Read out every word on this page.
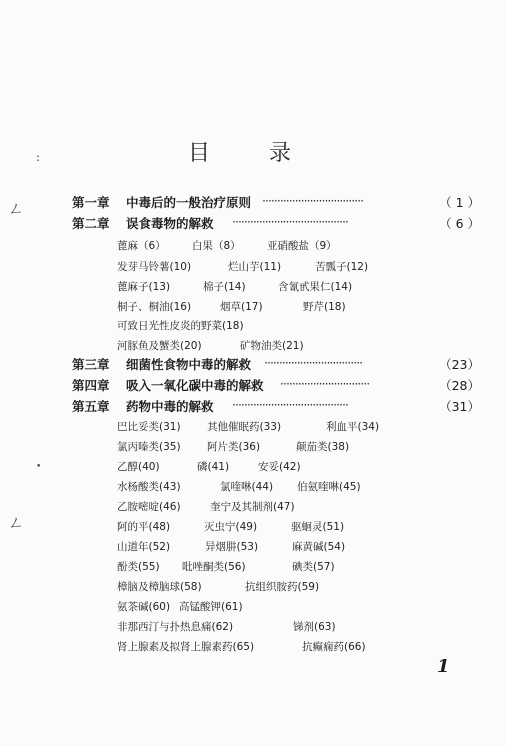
:
ㄥ
•
ㄥ
目 录
第一章 中毒后的一般治疗原则 ··································	（ 1 ）
第二章 误食毒物的解救 ·······································	（ 6 ）
蓖麻（6）	白果（8）	亚硝酸盐（9）
发芽马铃薯(10)	烂山芋(11)	苦瓢子(12)
蓖麻子(13)	棉子(14)	含氰甙果仁(14)
桐子、桐油(16)	烟草(17)	野芹(18)
可致日光性皮炎的野菜(18)
河豚鱼及蟹类(20)	矿物油类(21)
第三章 细菌性食物中毒的解救 ·································	（23）
第四章 吸入一氧化碳中毒的解救 ······························	（28）
第五章 药物中毒的解救 ·······································	（31）
巴比妥类(31)	其他催眠药(33)	利血平(34)
氯丙嗪类(35)	阿片类(36)	颠茄类(38)
乙醇(40)	磷(41)	安妥(42)
水杨酸类(43)	氯喹啉(44) 伯氨喹啉(45)
乙胺嘧啶(46)	奎宁及其制剂(47)
阿的平(48)	灭虫宁(49)	驱蛔灵(51)
山道年(52)	异烟肼(53)	麻黄碱(54)
酚类(55) 吡唑酮类(56)	碘类(57)
樟脑及樟脑球(58)	抗组织胺药(59)
氨茶碱(60) 高锰酸钾(61)
非那西汀与扑热息痛(62)	锑剂(63)
肾上腺素及拟肾上腺素药(65)	抗癫痫药(66)
1
